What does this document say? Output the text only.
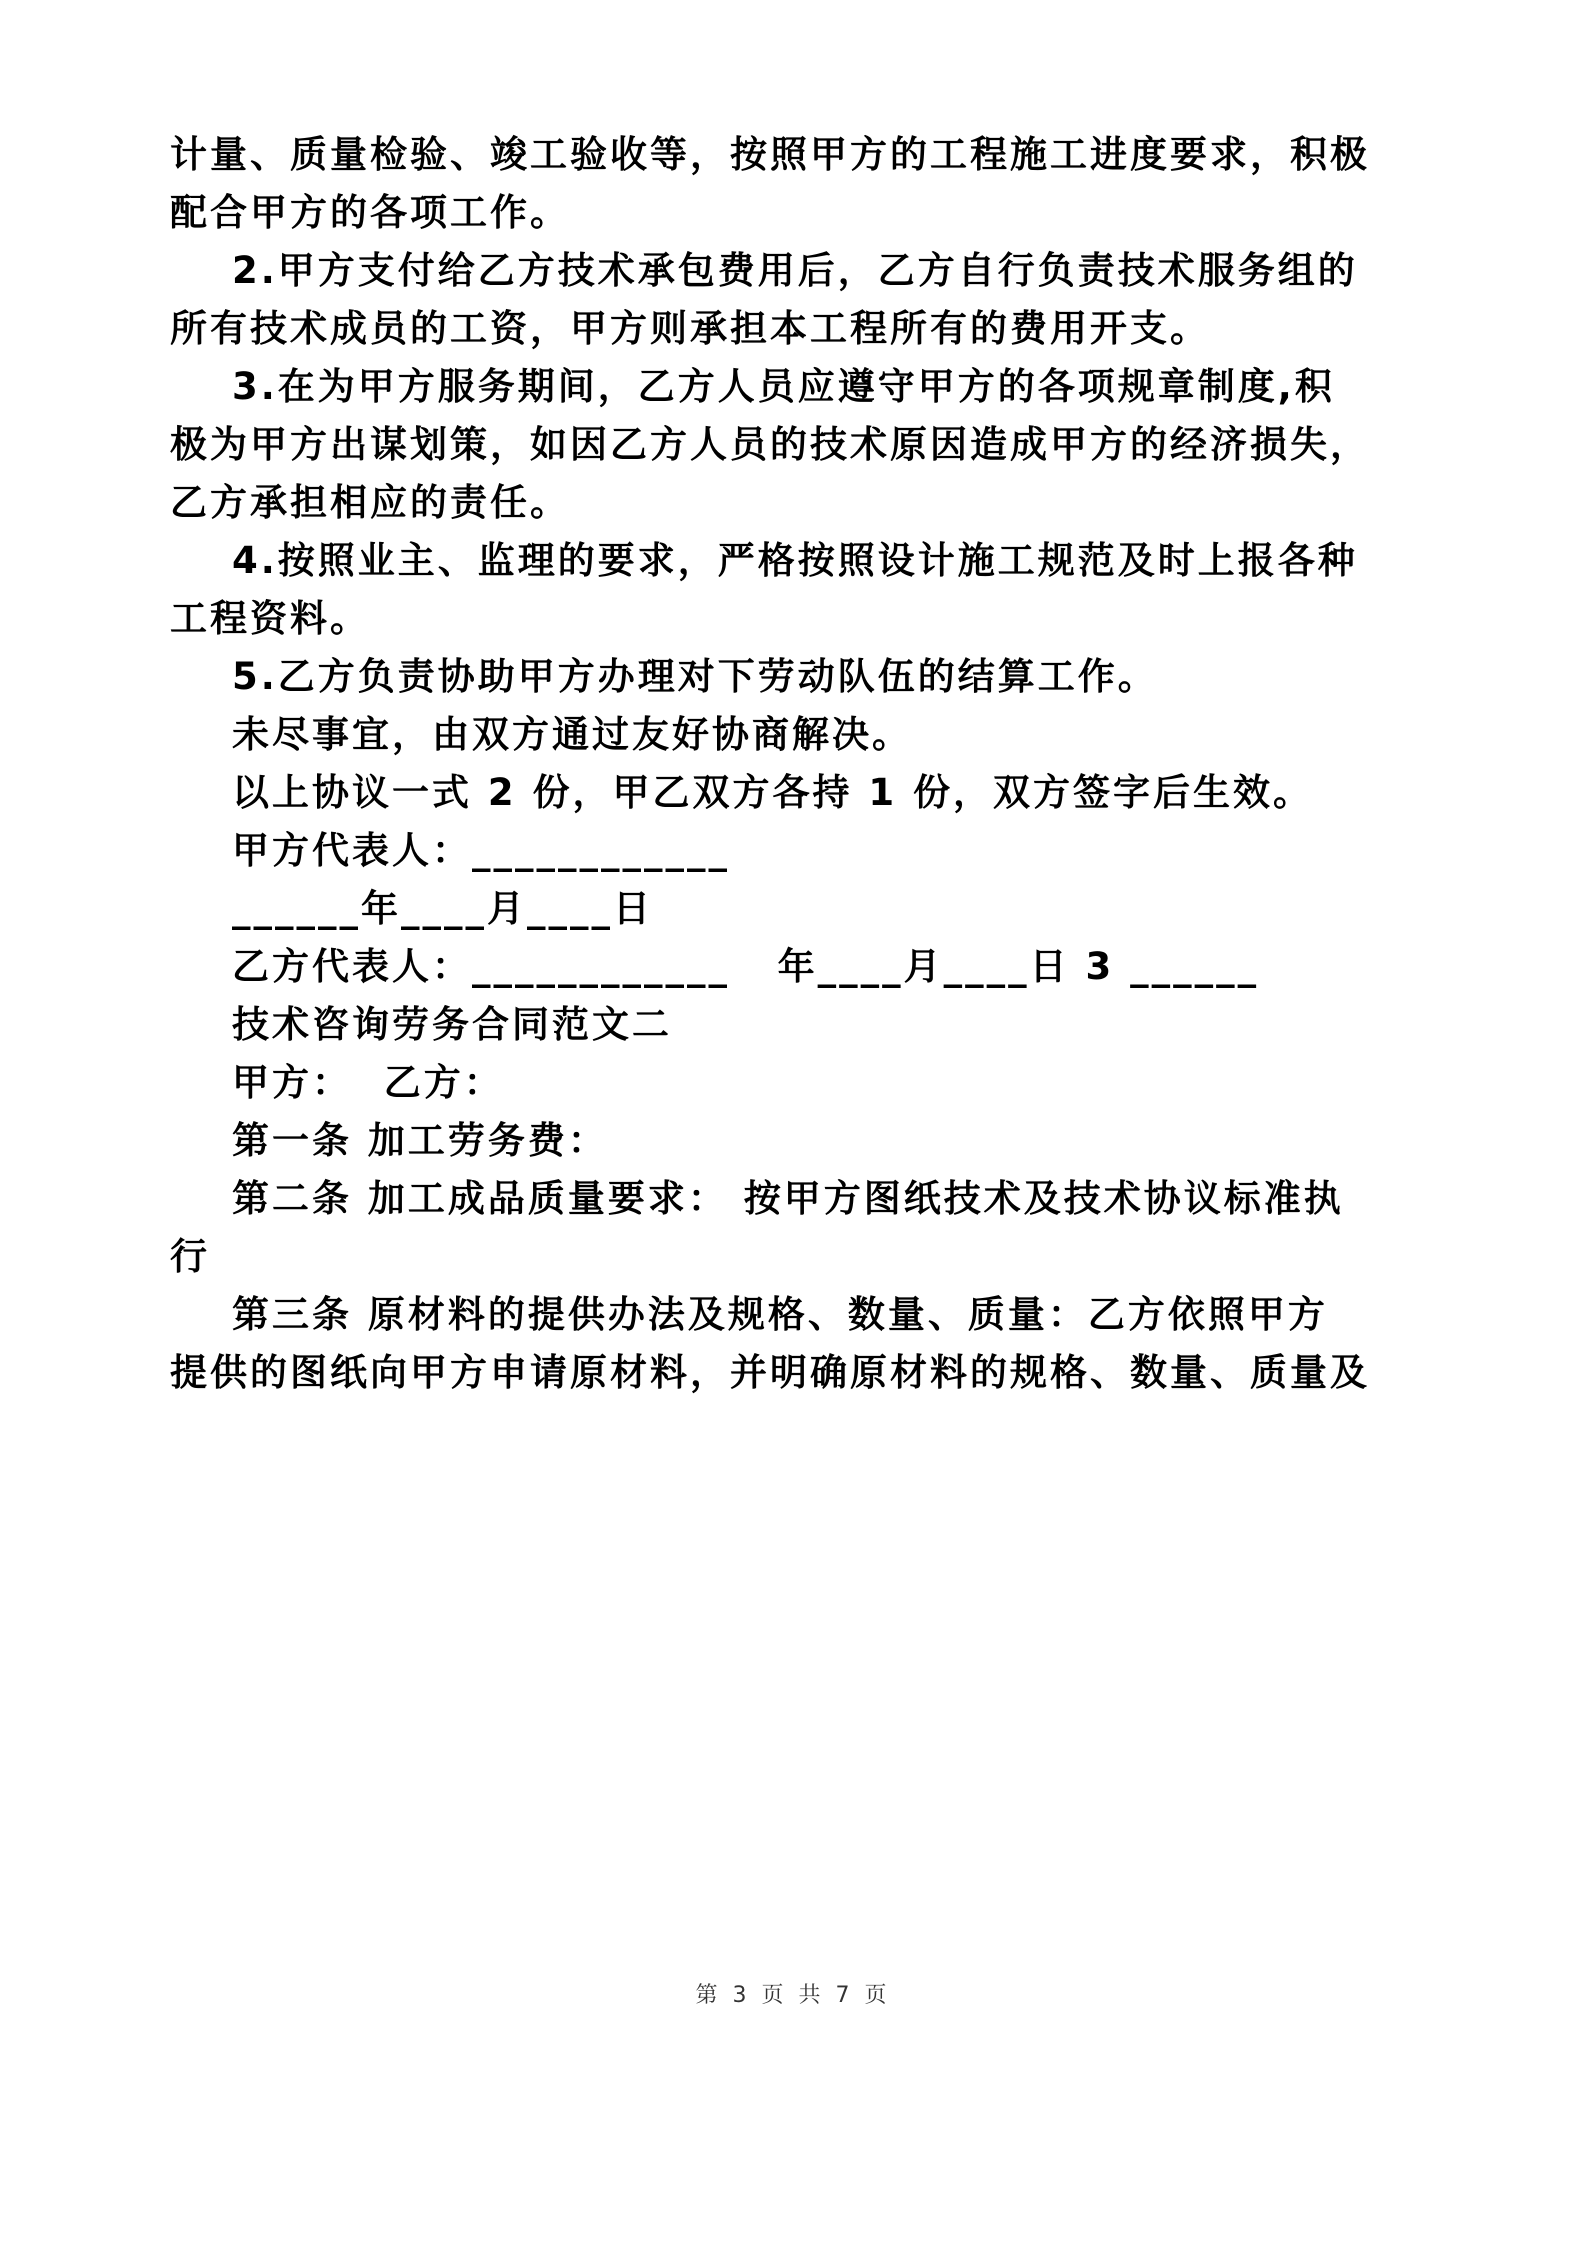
计量、质量检验、竣工验收等，按照甲方的工程施工进度要求，积极
配合甲方的各项工作。
2.甲方支付给乙方技术承包费用后，乙方自行负责技术服务组的
所有技术成员的工资，甲方则承担本工程所有的费用开支。
3.在为甲方服务期间，乙方人员应遵守甲方的各项规章制度,积
极为甲方出谋划策，如因乙方人员的技术原因造成甲方的经济损失，
乙方承担相应的责任。
4.按照业主、监理的要求，严格按照设计施工规范及时上报各种
工程资料。
5.乙方负责协助甲方办理对下劳动队伍的结算工作。
未尽事宜，由双方通过友好协商解决。
以上协议一式 2 份，甲乙双方各持 1 份，双方签字后生效。
甲方代表人：____________
______年____月____日
乙方代表人：____________   年____月____日 3 ______
技术咨询劳务合同范文二
甲方：  乙方：
第一条 加工劳务费：
第二条 加工成品质量要求： 按甲方图纸技术及技术协议标准执
行
第三条 原材料的提供办法及规格、数量、质量：乙方依照甲方
提供的图纸向甲方申请原材料，并明确原材料的规格、数量、质量及
第 3 页 共 7 页
